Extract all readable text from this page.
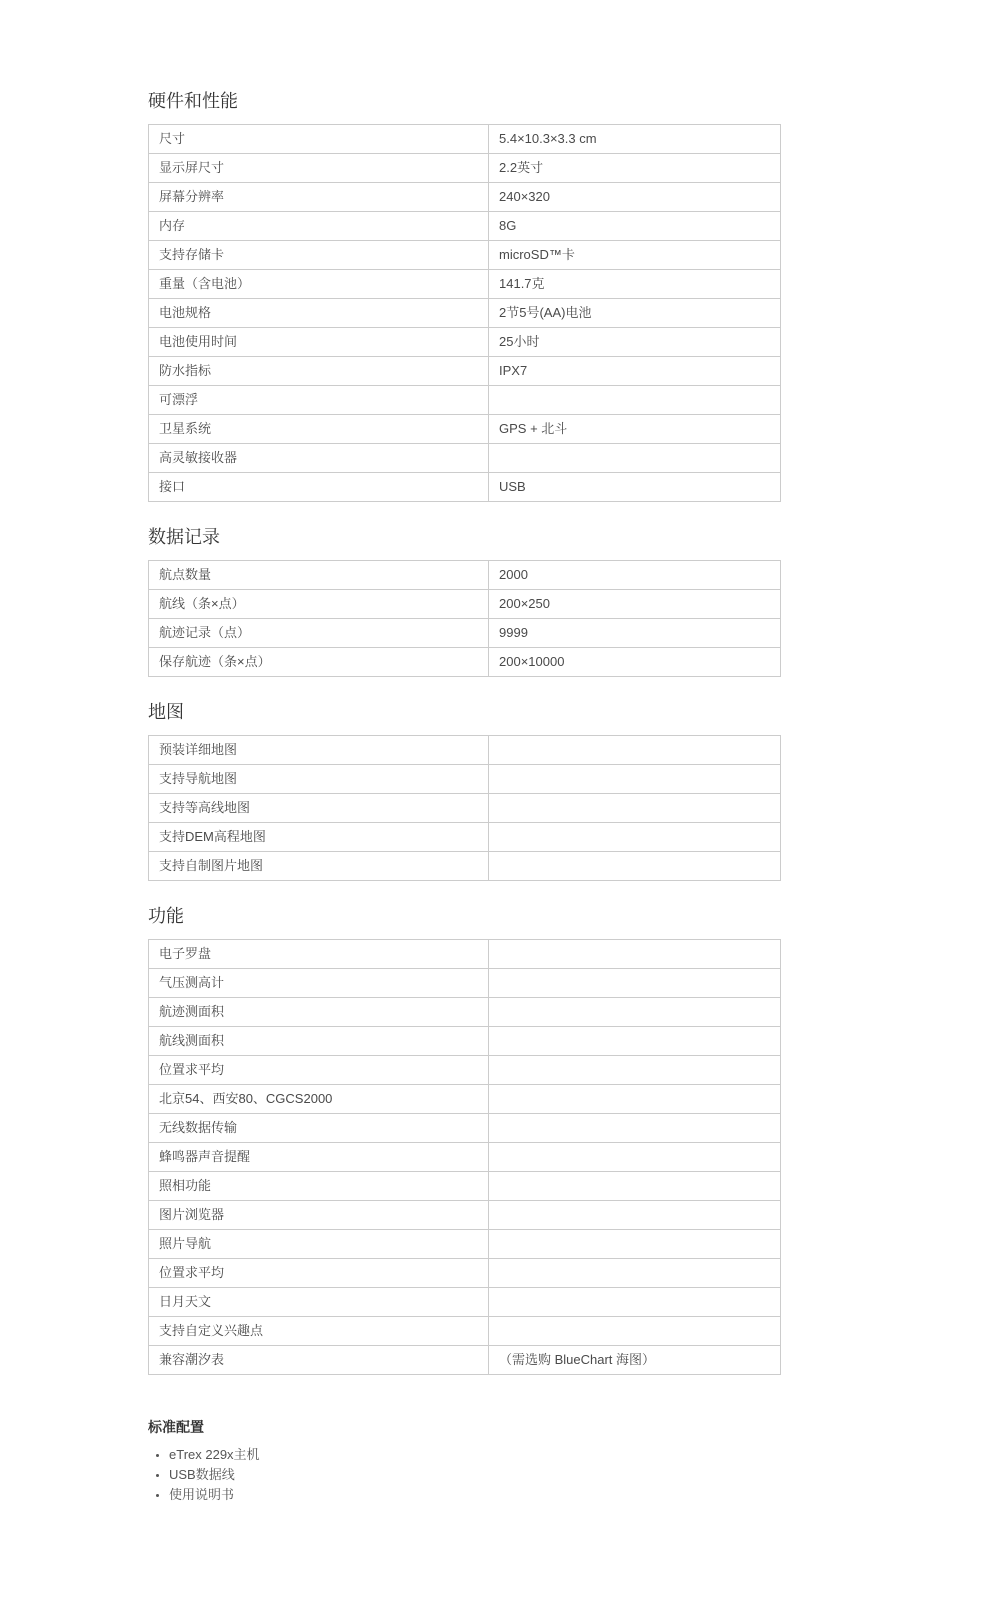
硬件和性能
尺寸	5.4×10.3×3.3 cm
显示屏尺寸	2.2英寸
屏幕分辨率	240×320
内存	8G
支持存储卡	microSD™卡
重量（含电池）	141.7克
电池规格	2节5号(AA)电池
电池使用时间	25小时
防水指标	IPX7
可漂浮	
卫星系统	GPS + 北斗
高灵敏接收器	
接口	USB
数据记录
航点数量	2000
航线（条×点）	200×250
航迹记录（点）	9999
保存航迹（条×点）	200×10000
地图
预装详细地图	
支持导航地图	
支持等高线地图	
支持DEM高程地图	
支持自制图片地图	
功能
电子罗盘	
气压测高计	
航迹测面积	
航线测面积	
位置求平均	
北京54、西安80、CGCS2000	
无线数据传输	
蜂鸣器声音提醒	
照相功能	
图片浏览器	
照片导航	
位置求平均	
日月天文	
支持自定义兴趣点	
兼容潮汐表	（需选购 BlueChart 海图）
标准配置
• eTrex 229x主机
• USB数据线
• 使用说明书
